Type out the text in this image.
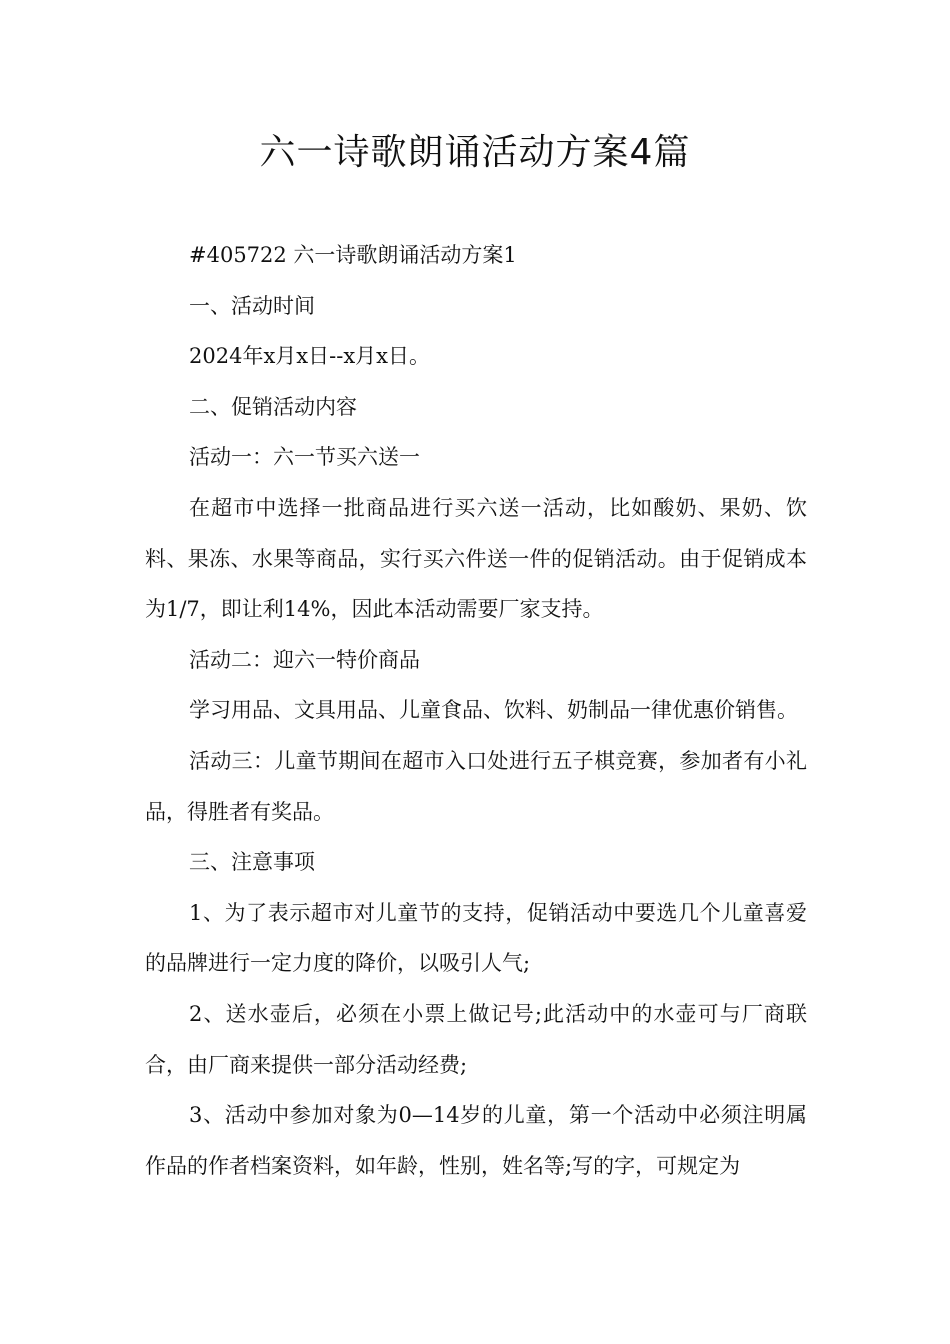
六一诗歌朗诵活动方案4篇

#405722 六一诗歌朗诵活动方案1

一、活动时间

2024年x月x日--x月x日。

二、促销活动内容

活动一：六一节买六送一

在超市中选择一批商品进行买六送一活动，比如酸奶、果奶、饮料、果冻、水果等商品，实行买六件送一件的促销活动。由于促销成本为1/7，即让利14%，因此本活动需要厂家支持。

活动二：迎六一特价商品

学习用品、文具用品、儿童食品、饮料、奶制品一律优惠价销售。

活动三：儿童节期间在超市入口处进行五子棋竞赛，参加者有小礼品，得胜者有奖品。

三、注意事项

1、为了表示超市对儿童节的支持，促销活动中要选几个儿童喜爱的品牌进行一定力度的降价，以吸引人气;

2、送水壶后，必须在小票上做记号;此活动中的水壶可与厂商联合，由厂商来提供一部分活动经费;

3、活动中参加对象为0—14岁的儿童，第一个活动中必须注明属作品的作者档案资料，如年龄，性别，姓名等;写的字，可规定为
